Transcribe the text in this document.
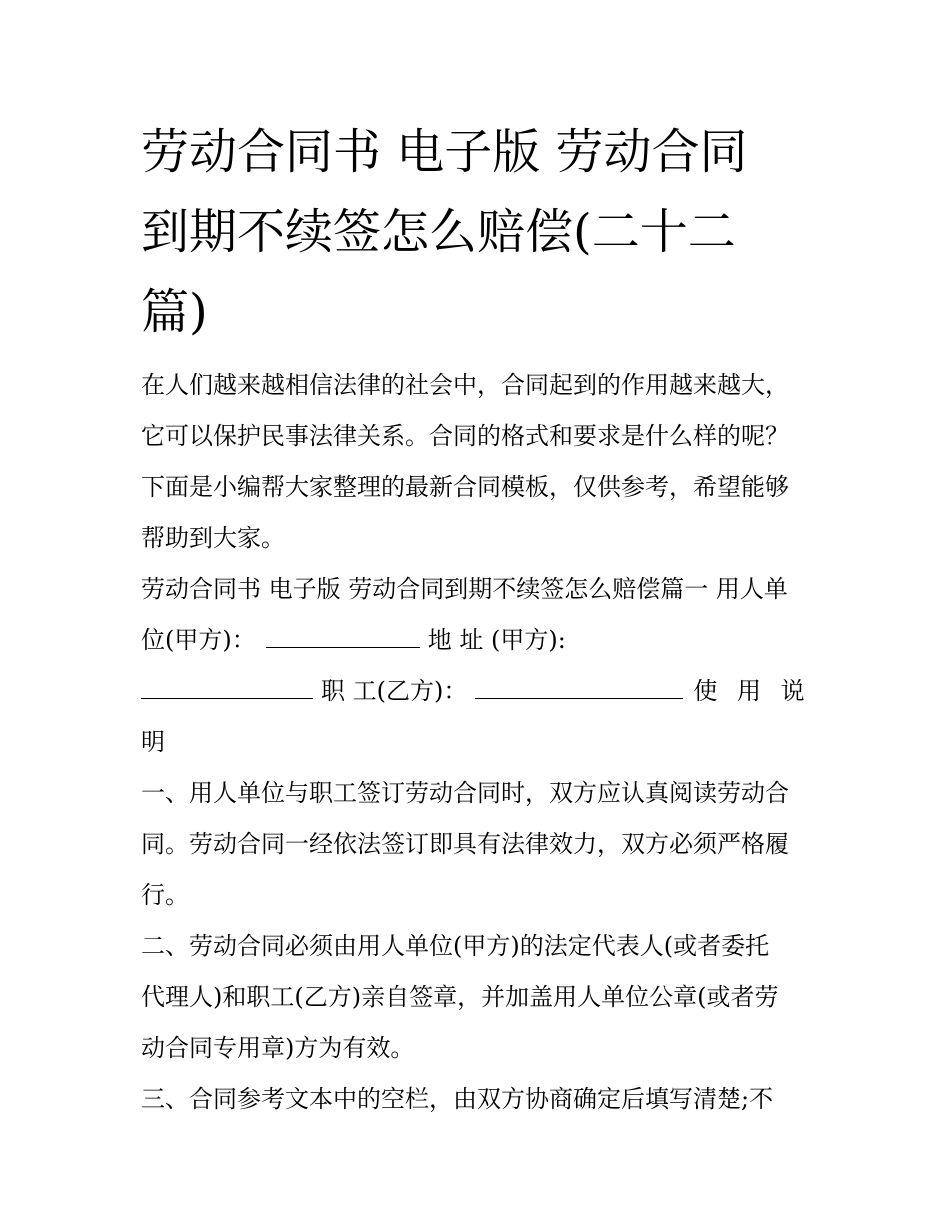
劳动合同书 电子版 劳动合同
到期不续签怎么赔偿(二十二
篇)

在人们越来越相信法律的社会中，合同起到的作用越来越大，
它可以保护民事法律关系。合同的格式和要求是什么样的呢？
下面是小编帮大家整理的最新合同模板，仅供参考，希望能够
帮助到大家。

劳动合同书 电子版 劳动合同到期不续签怎么赔偿篇一 用人单
位(甲方)：	地 址 (甲方):
职 工(乙方)：	使 用 说
明

一、用人单位与职工签订劳动合同时，双方应认真阅读劳动合
同。劳动合同一经依法签订即具有法律效力，双方必须严格履
行。

二、劳动合同必须由用人单位(甲方)的法定代表人(或者委托
代理人)和职工(乙方)亲自签章，并加盖用人单位公章(或者劳
动合同专用章)方为有效。

三、合同参考文本中的空栏，由双方协商确定后填写清楚;不
